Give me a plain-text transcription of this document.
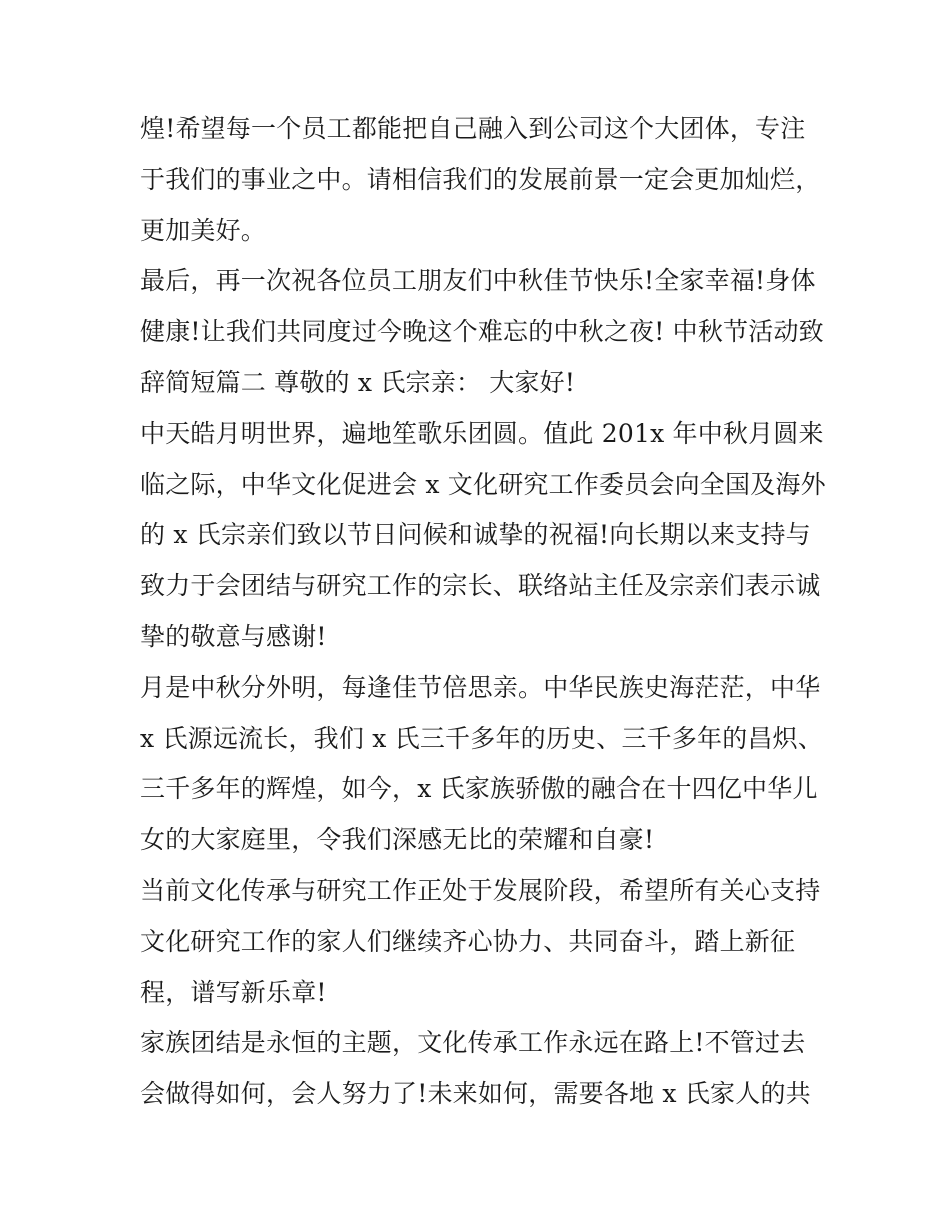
煌!希望每一个员工都能把自己融入到公司这个大团体，专注
于我们的事业之中。请相信我们的发展前景一定会更加灿烂，
更加美好。
最后，再一次祝各位员工朋友们中秋佳节快乐!全家幸福!身体
健康!让我们共同度过今晚这个难忘的中秋之夜! 中秋节活动致
辞简短篇二 尊敬的 x 氏宗亲： 大家好!
中天皓月明世界，遍地笙歌乐团圆。值此 201x 年中秋月圆来
临之际，中华文化促进会 x 文化研究工作委员会向全国及海外
的 x 氏宗亲们致以节日问候和诚挚的祝福!向长期以来支持与
致力于会团结与研究工作的宗长、联络站主任及宗亲们表示诚
挚的敬意与感谢!
月是中秋分外明，每逢佳节倍思亲。中华民族史海茫茫，中华
x 氏源远流长，我们 x 氏三千多年的历史、三千多年的昌炽、
三千多年的辉煌，如今，x 氏家族骄傲的融合在十四亿中华儿
女的大家庭里，令我们深感无比的荣耀和自豪!
当前文化传承与研究工作正处于发展阶段，希望所有关心支持
文化研究工作的家人们继续齐心协力、共同奋斗，踏上新征
程，谱写新乐章!
家族团结是永恒的主题，文化传承工作永远在路上!不管过去
会做得如何，会人努力了!未来如何，需要各地 x 氏家人的共
